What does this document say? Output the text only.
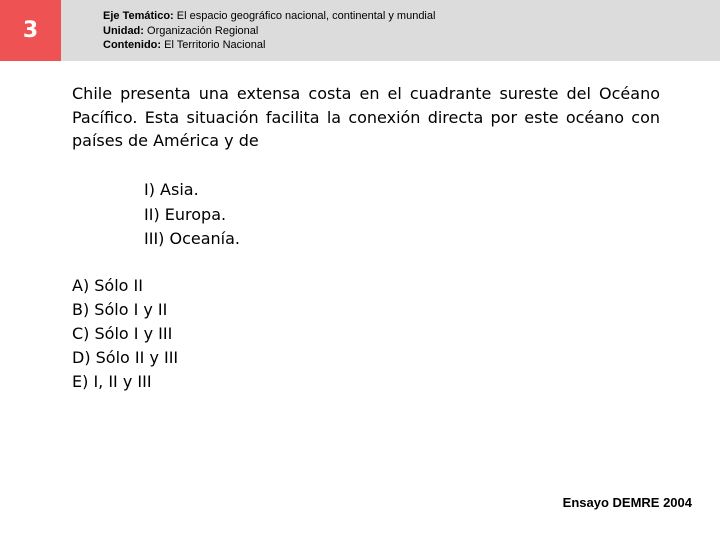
3
Eje Temático: El espacio geográfico nacional, continental y mundial
Unidad: Organización Regional
Contenido: El Territorio Nacional
Chile presenta una extensa costa en el cuadrante sureste del Océano Pacífico. Esta situación facilita la conexión directa por este océano con países de América y de
I) Asia.
II) Europa.
III) Oceanía.
A) Sólo II
B) Sólo I y II
C) Sólo I y III
D) Sólo II y III
E) I, II y III
Ensayo DEMRE 2004
